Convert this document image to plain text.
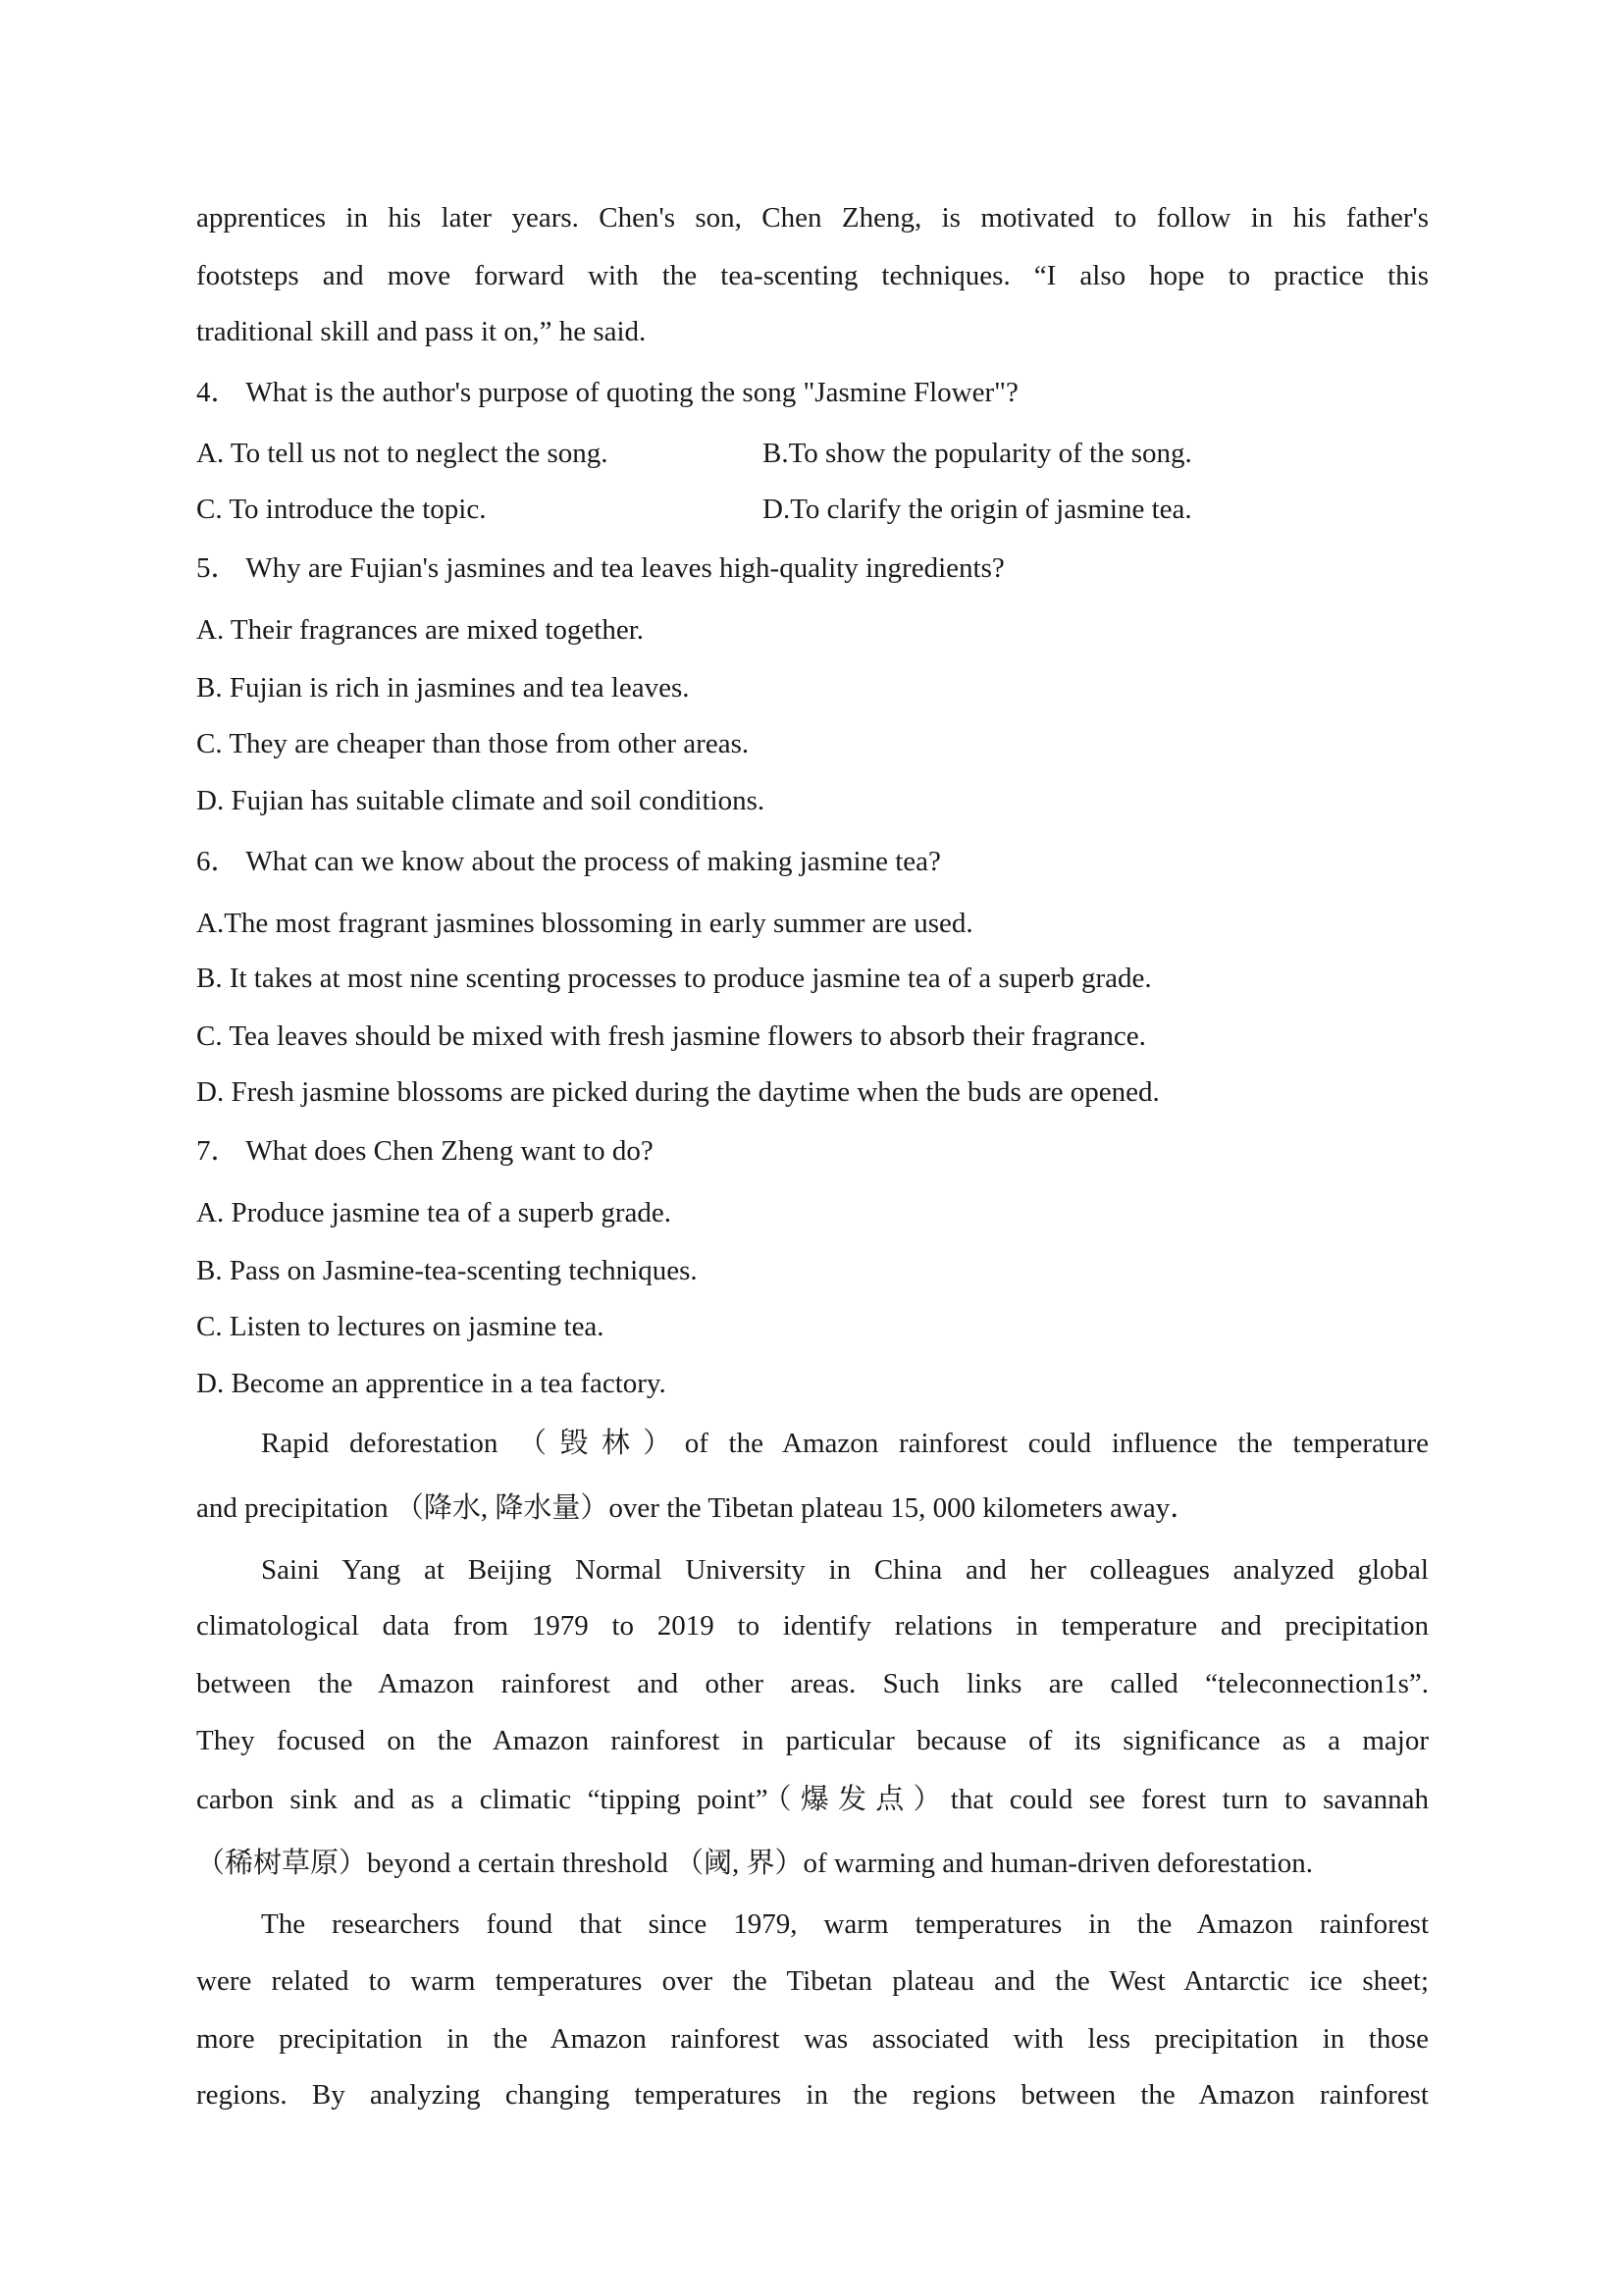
apprentices in his later years. Chen's son, Chen Zheng, is motivated to follow in his father's
footsteps and move forward with the tea-scenting techniques. “I also hope to practice this
traditional skill and pass it on,” he said.
4． What is the author's purpose of quoting the song "Jasmine Flower"?
A. To tell us not to neglect the song.	B.To show the popularity of the song.
C. To introduce the topic.	D.To clarify the origin of jasmine tea.
5． Why are Fujian's jasmines and tea leaves high-quality ingredients?
A. Their fragrances are mixed together.
B. Fujian is rich in jasmines and tea leaves.
C. They are cheaper than those from other areas.
D. Fujian has suitable climate and soil conditions.
6． What can we know about the process of making jasmine tea?
A.The most fragrant jasmines blossoming in early summer are used.
B. It takes at most nine scenting processes to produce jasmine tea of a superb grade.
C. Tea leaves should be mixed with fresh jasmine flowers to absorb their fragrance.
D. Fresh jasmine blossoms are picked during the daytime when the buds are opened.
7． What does Chen Zheng want to do?
A. Produce jasmine tea of a superb grade.
B. Pass on Jasmine-tea-scenting techniques.
C. Listen to lectures on jasmine tea.
D. Become an apprentice in a tea factory.
Rapid deforestation （毁林）of the Amazon rainforest could influence the temperature
and precipitation （降水, 降水量）over the Tibetan plateau 15, 000 kilometers away．
Saini Yang at Beijing Normal University in China and her colleagues analyzed global
climatological data from 1979 to 2019 to identify relations in temperature and precipitation
between the Amazon rainforest and other areas. Such links are called “teleconnection1s”.
They focused on the Amazon rainforest in particular because of its significance as a major
carbon sink and as a climatic “tipping point”（爆发点）that could see forest turn to savannah
（稀树草原）beyond a certain threshold （阈, 界）of warming and human-driven deforestation.
The researchers found that since 1979, warm temperatures in the Amazon rainforest
were related to warm temperatures over the Tibetan plateau and the West Antarctic ice sheet;
more precipitation in the Amazon rainforest was associated with less precipitation in those
regions. By analyzing changing temperatures in the regions between the Amazon rainforest
